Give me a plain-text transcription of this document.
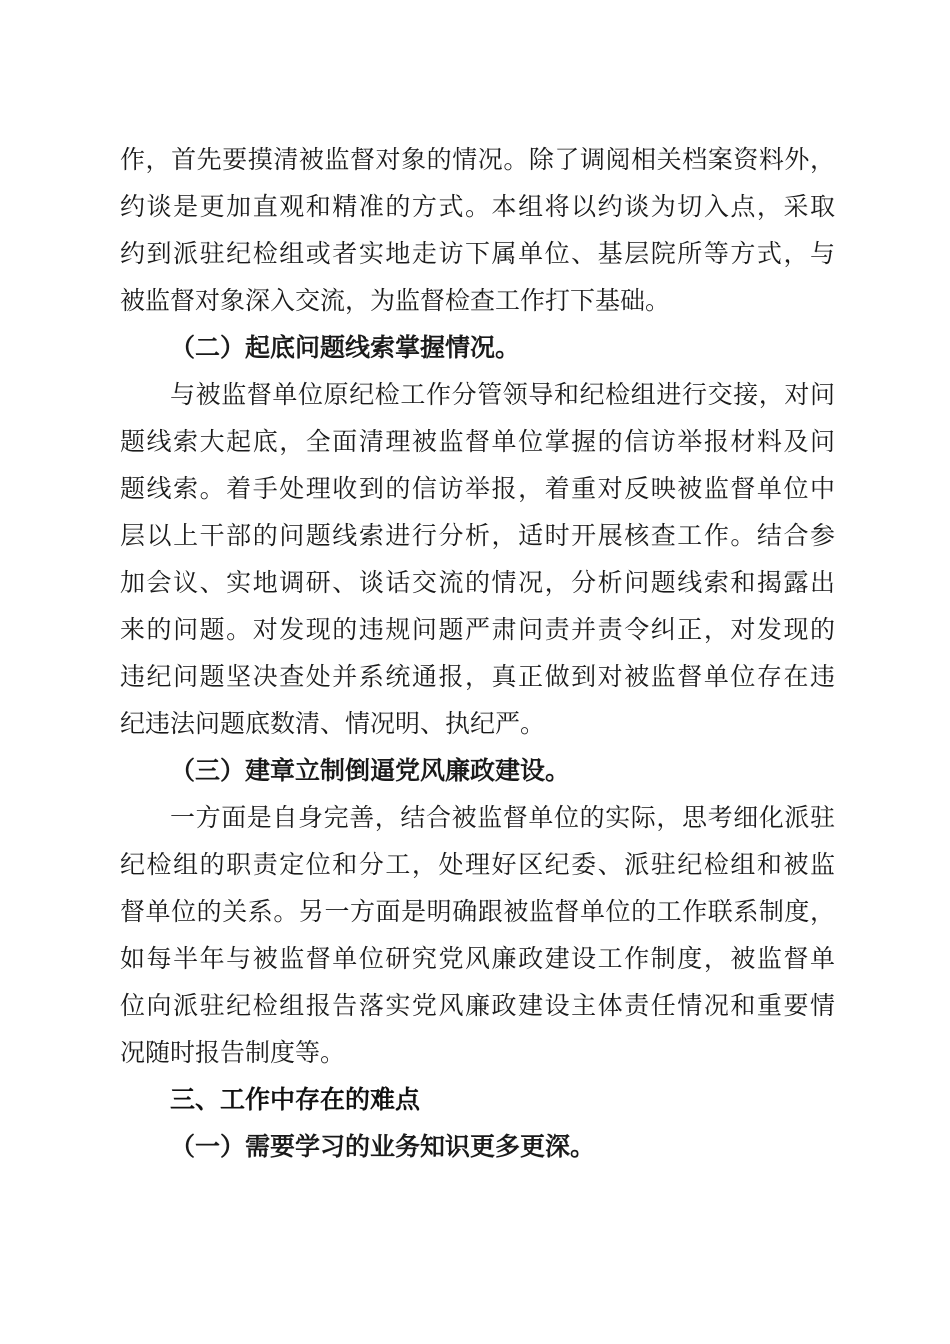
作，首先要摸清被监督对象的情况。除了调阅相关档案资料外，
约谈是更加直观和精准的方式。本组将以约谈为切入点，采取
约到派驻纪检组或者实地走访下属单位、基层院所等方式，与
被监督对象深入交流，为监督检查工作打下基础。
（二）起底问题线索掌握情况。
与被监督单位原纪检工作分管领导和纪检组进行交接，对问
题线索大起底，全面清理被监督单位掌握的信访举报材料及问
题线索。着手处理收到的信访举报，着重对反映被监督单位中
层以上干部的问题线索进行分析，适时开展核查工作。结合参
加会议、实地调研、谈话交流的情况，分析问题线索和揭露出
来的问题。对发现的违规问题严肃问责并责令纠正，对发现的
违纪问题坚决查处并系统通报，真正做到对被监督单位存在违
纪违法问题底数清、情况明、执纪严。
（三）建章立制倒逼党风廉政建设。
一方面是自身完善，结合被监督单位的实际，思考细化派驻
纪检组的职责定位和分工，处理好区纪委、派驻纪检组和被监
督单位的关系。另一方面是明确跟被监督单位的工作联系制度，
如每半年与被监督单位研究党风廉政建设工作制度，被监督单
位向派驻纪检组报告落实党风廉政建设主体责任情况和重要情
况随时报告制度等。
三、工作中存在的难点
（一）需要学习的业务知识更多更深。
